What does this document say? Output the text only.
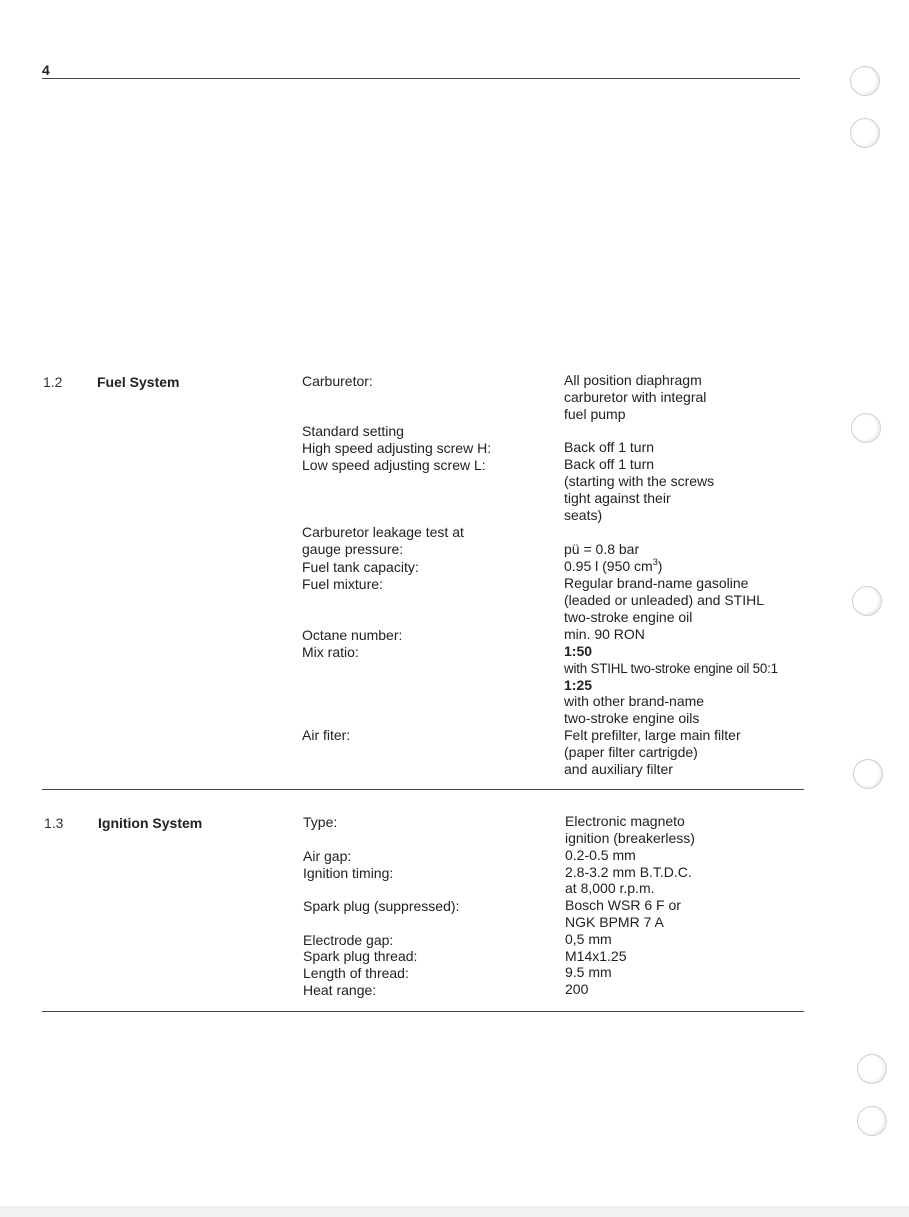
4
1.2 Fuel System	Carburetor:
Standard setting
High speed adjusting screw H:
Low speed adjusting screw L:
Carburetor leakage test at
gauge pressure:
Fuel tank capacity:
Fuel mixture:
Octane number:
Mix ratio:
Air fiter:
All position diaphragm
carburetor with integral
fuel pump
Back off 1 turn
Back off 1 turn
(starting with the screws
tight against their
seats)
pü = 0.8 bar
0.95 l (950 $cm^3$)
Regular brand-name gasoline
(leaded or unleaded) and STIHL
two-stroke engine oil
min. 90 RON
1:50
with STIHL two-stroke engine oil 50:1
1:25
with other brand-name
two-stroke engine oils
Felt prefilter, large main filter
(paper filter cartrigde)
and auxiliary filter
1.3 Ignition System	Type:
Air gap:
Ignition timing:
Spark plug (suppressed):
Electrode gap:
Spark plug thread:
Length of thread:
Heat range:
Electronic magneto
ignition (breakerless)
0.2-0.5 mm
2.8-3.2 mm B.T.D.C.
at 8,000 r.p.m.
Bosch WSR 6 F or
NGK BPMR 7 A
0,5 mm
M14x1.25
9.5 mm
200
